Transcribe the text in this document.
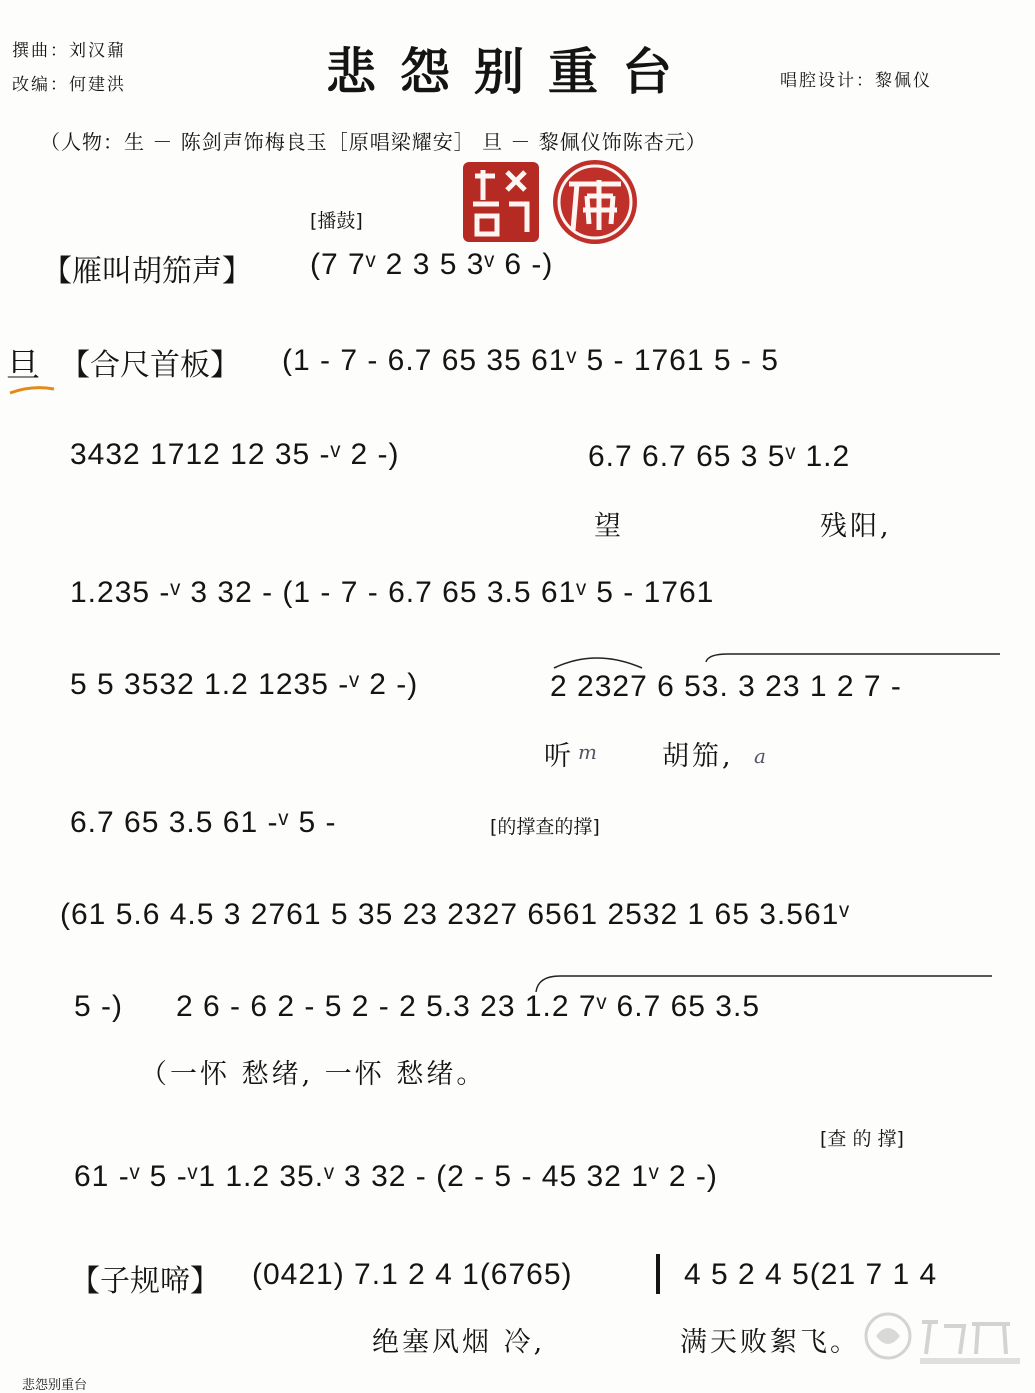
撰曲：刘汉鼐
改编：何建洪	悲怨别重台	唱腔设计：黎佩仪
（人物：生 － 陈剑声饰梅良玉［原唱梁耀安］ 旦 － 黎佩仪饰陈杏元）
[播鼓]
【雁叫胡笳声】 (7 7ᵛ 2 3 5 3ᵛ 6 -)
旦 【合尺首板】 (1 - 7 - 6.7 65 35 61ᵛ 5 - 1761 5 - 5
3432 1712 12 35 -ᵛ 2 -)	6.7 6.7 65 3 5ᵛ 1.2
望	残阳,
1.235 -ᵛ 3 32 - (1 - 7 - 6.7 65 3.5 61ᵛ 5 - 1761
5 5 3532 1.2 1235 -ᵛ 2 -)	2 2327 6 53. 3 23 1 2 7 -
听 m 胡笳, a
6.7 65 3.5 61 -ᵛ 5 -	[的撑查的撑]
(61 5.6 4.5 3 2761 5 35 23 2327 6561 2532 1 65 3.561ᵛ
5 -) 2 6 - 6 2 - 5 2 - 2 5.3 23 1.2 7ᵛ 6.7 65 3.5
（一怀 愁绪, 一怀 愁绪。
[查 的 撑]
61 -ᵛ 5 -ᵛ1 1.2 35.ᵛ 3 32 - (2 - 5 - 45 32 1ᵛ 2 -)
【子规啼】 (0421) 7.1 2 4 1(6765)	4 5 2 4 5(21 7 1 4
绝塞风烟 冷,	满天败絮飞。
悲怨别重台
